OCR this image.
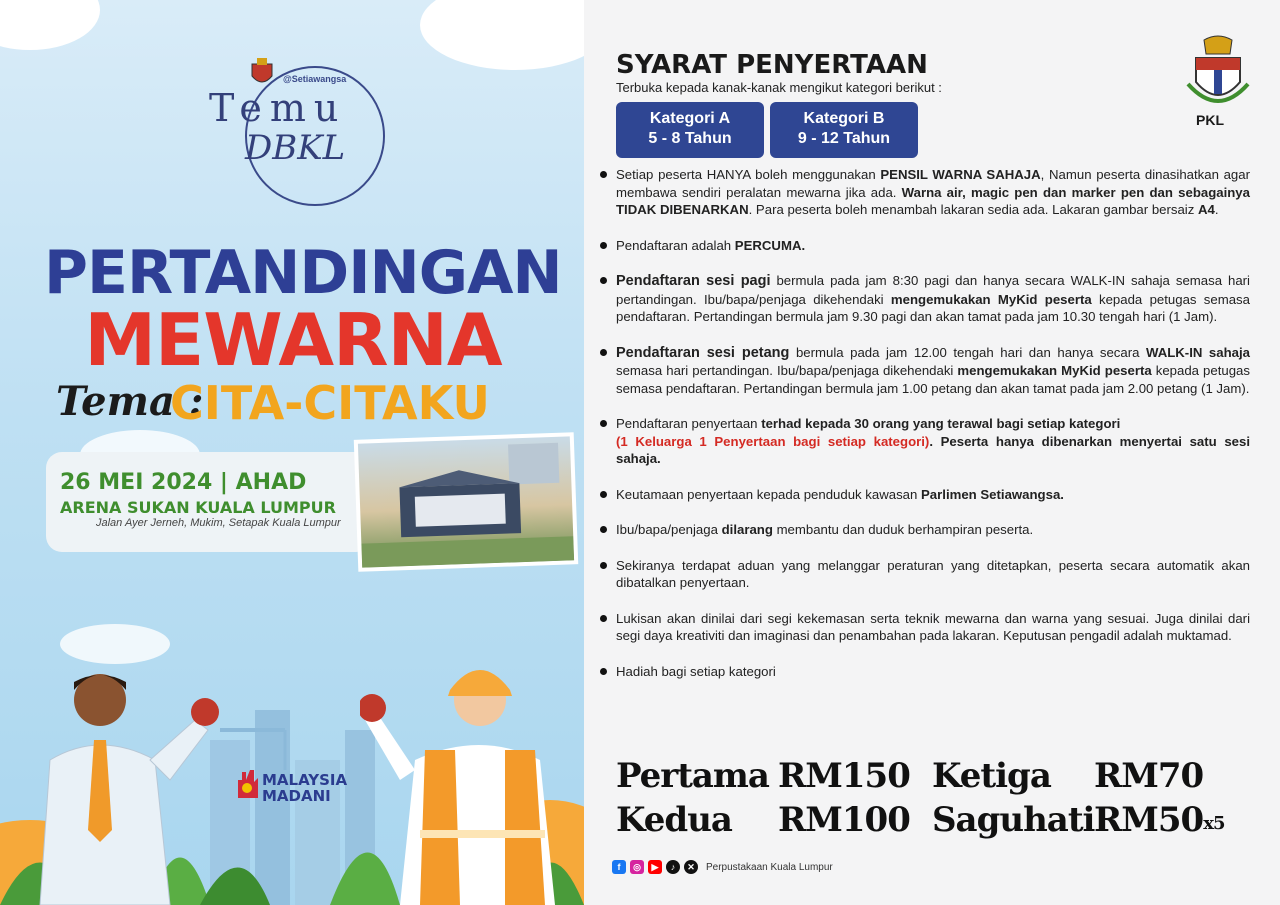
@Setiawangsa
Temu
DBKL
PERTANDINGAN
MEWARNA
Tema :
CITA-CITAKU
26 MEI 2024 | AHAD
ARENA SUKAN KUALA LUMPUR
Jalan Ayer Jerneh, Mukim, Setapak Kuala Lumpur
MALAYSIA
MADANI
SYARAT PENYERTAAN
Terbuka kepada kanak-kanak mengikut kategori berikut :
Kategori A
5 - 8 Tahun
Kategori B
9 - 12 Tahun
PKL
Setiap peserta HANYA boleh menggunakan PENSIL WARNA SAHAJA, Namun peserta dinasihatkan agar membawa sendiri peralatan mewarna jika ada. Warna air, magic pen dan marker pen dan sebagainya TIDAK DIBENARKAN. Para peserta boleh menambah lakaran sedia ada. Lakaran gambar bersaiz A4.
Pendaftaran adalah PERCUMA.
Pendaftaran sesi pagi bermula pada jam 8:30 pagi dan hanya secara WALK-IN sahaja semasa hari pertandingan. Ibu/bapa/penjaga dikehendaki mengemukakan MyKid peserta kepada petugas semasa pendaftaran. Pertandingan bermula jam 9.30 pagi dan akan tamat pada jam 10.30 tengah hari (1 Jam).
Pendaftaran sesi petang bermula pada jam 12.00 tengah hari dan hanya secara WALK-IN sahaja semasa hari pertandingan. Ibu/bapa/penjaga dikehendaki mengemukakan MyKid peserta kepada petugas semasa pendaftaran. Pertandingan bermula jam 1.00 petang dan akan tamat pada jam 2.00 petang (1 Jam).
Pendaftaran penyertaan terhad kepada 30 orang yang terawal bagi setiap kategori
(1 Keluarga 1 Penyertaan bagi setiap kategori). Peserta hanya dibenarkan menyertai satu sesi sahaja.
Keutamaan penyertaan kepada penduduk kawasan Parlimen Setiawangsa.
Ibu/bapa/penjaga dilarang membantu dan duduk berhampiran peserta.
Sekiranya terdapat aduan yang melanggar peraturan yang ditetapkan, peserta secara automatik akan dibatalkan penyertaan.
Lukisan akan dinilai dari segi kekemasan serta teknik mewarna dan warna yang sesuai. Juga dinilai dari segi daya kreativiti dan imaginasi dan penambahan pada lakaran. Keputusan pengadil adalah muktamad.
Hadiah bagi setiap kategori
Pertama RM150 Ketiga RM70
Kedua RM100 Saguhati RM50x5
f	◎	▶	♪	✕	Perpustakaan Kuala Lumpur
